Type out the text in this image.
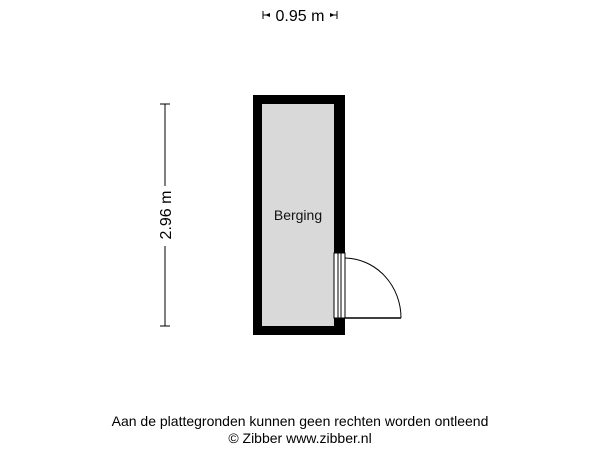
0.95 m
2.96 m	Berging
Aan de plattegronden kunnen geen rechten worden ontleend
© Zibber www.zibber.nl
